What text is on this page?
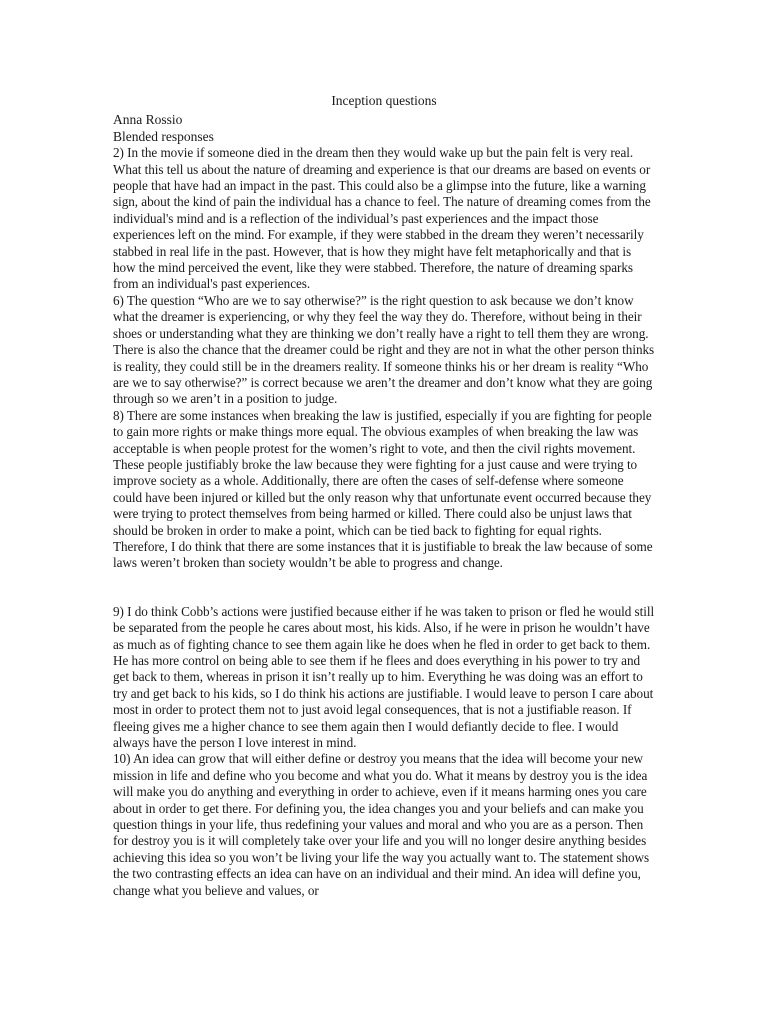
Inception questions

Anna Rossio

Blended responses

2) In the movie if someone died in the dream then they would wake up but the pain felt is very real. What this tell us about the nature of dreaming and experience is that our dreams are based on events or people that have had an impact in the past. This could also be a glimpse into the future, like a warning sign, about the kind of pain the individual has a chance to feel. The nature of dreaming comes from the individual's mind and is a reflection of the individual’s past experiences and the impact those experiences left on the mind. For example, if they were stabbed in the dream they weren’t necessarily stabbed in real life in the past. However, that is how they might have felt metaphorically and that is how the mind perceived the event, like they were stabbed. Therefore, the nature of dreaming sparks from an individual's past experiences.

6) The question “Who are we to say otherwise?” is the right question to ask because we don’t know what the dreamer is experiencing, or why they feel the way they do. Therefore, without being in their shoes or understanding what they are thinking we don’t really have a right to tell them they are wrong. There is also the chance that the dreamer could be right and they are not in what the other person thinks is reality, they could still be in the dreamers reality. If someone thinks his or her dream is reality “Who are we to say otherwise?” is correct because we aren’t the dreamer and don’t know what they are going through so we aren’t in a position to judge.

8) There are some instances when breaking the law is justified, especially if you are fighting for people to gain more rights or make things more equal. The obvious examples of when breaking the law was acceptable is when people protest for the women’s right to vote, and then the civil rights movement. These people justifiably broke the law because they were fighting for a just cause and were trying to improve society as a whole. Additionally, there are often the cases of self-defense where someone could have been injured or killed but the only reason why that unfortunate event occurred because they were trying to protect themselves from being harmed or killed. There could also be unjust laws that should be broken in order to make a point, which can be tied back to fighting for equal rights. Therefore, I do think that there are some instances that it is justifiable to break the law because of some laws weren’t broken than society wouldn’t be able to progress and change.

9) I do think Cobb’s actions were justified because either if he was taken to prison or fled he would still be separated from the people he cares about most, his kids. Also, if he were in prison he wouldn’t have as much as of fighting chance to see them again like he does when he fled in order to get back to them. He has more control on being able to see them if he flees and does everything in his power to try and get back to them, whereas in prison it isn’t really up to him. Everything he was doing was an effort to try and get back to his kids, so I do think his actions are justifiable. I would leave to person I care about most in order to protect them not to just avoid legal consequences, that is not a justifiable reason. If fleeing gives me a higher chance to see them again then I would defiantly decide to flee. I would always have the person I love interest in mind.

10) An idea can grow that will either define or destroy you means that the idea will become your new mission in life and define who you become and what you do. What it means by destroy you is the idea will make you do anything and everything in order to achieve, even if it means harming ones you care about in order to get there. For defining you, the idea changes you and your beliefs and can make you question things in your life, thus redefining your values and moral and who you are as a person. Then for destroy you is it will completely take over your life and you will no longer desire anything besides achieving this idea so you won’t be living your life the way you actually want to. The statement shows the two contrasting effects an idea can have on an individual and their mind. An idea will define you, change what you believe and values, or
